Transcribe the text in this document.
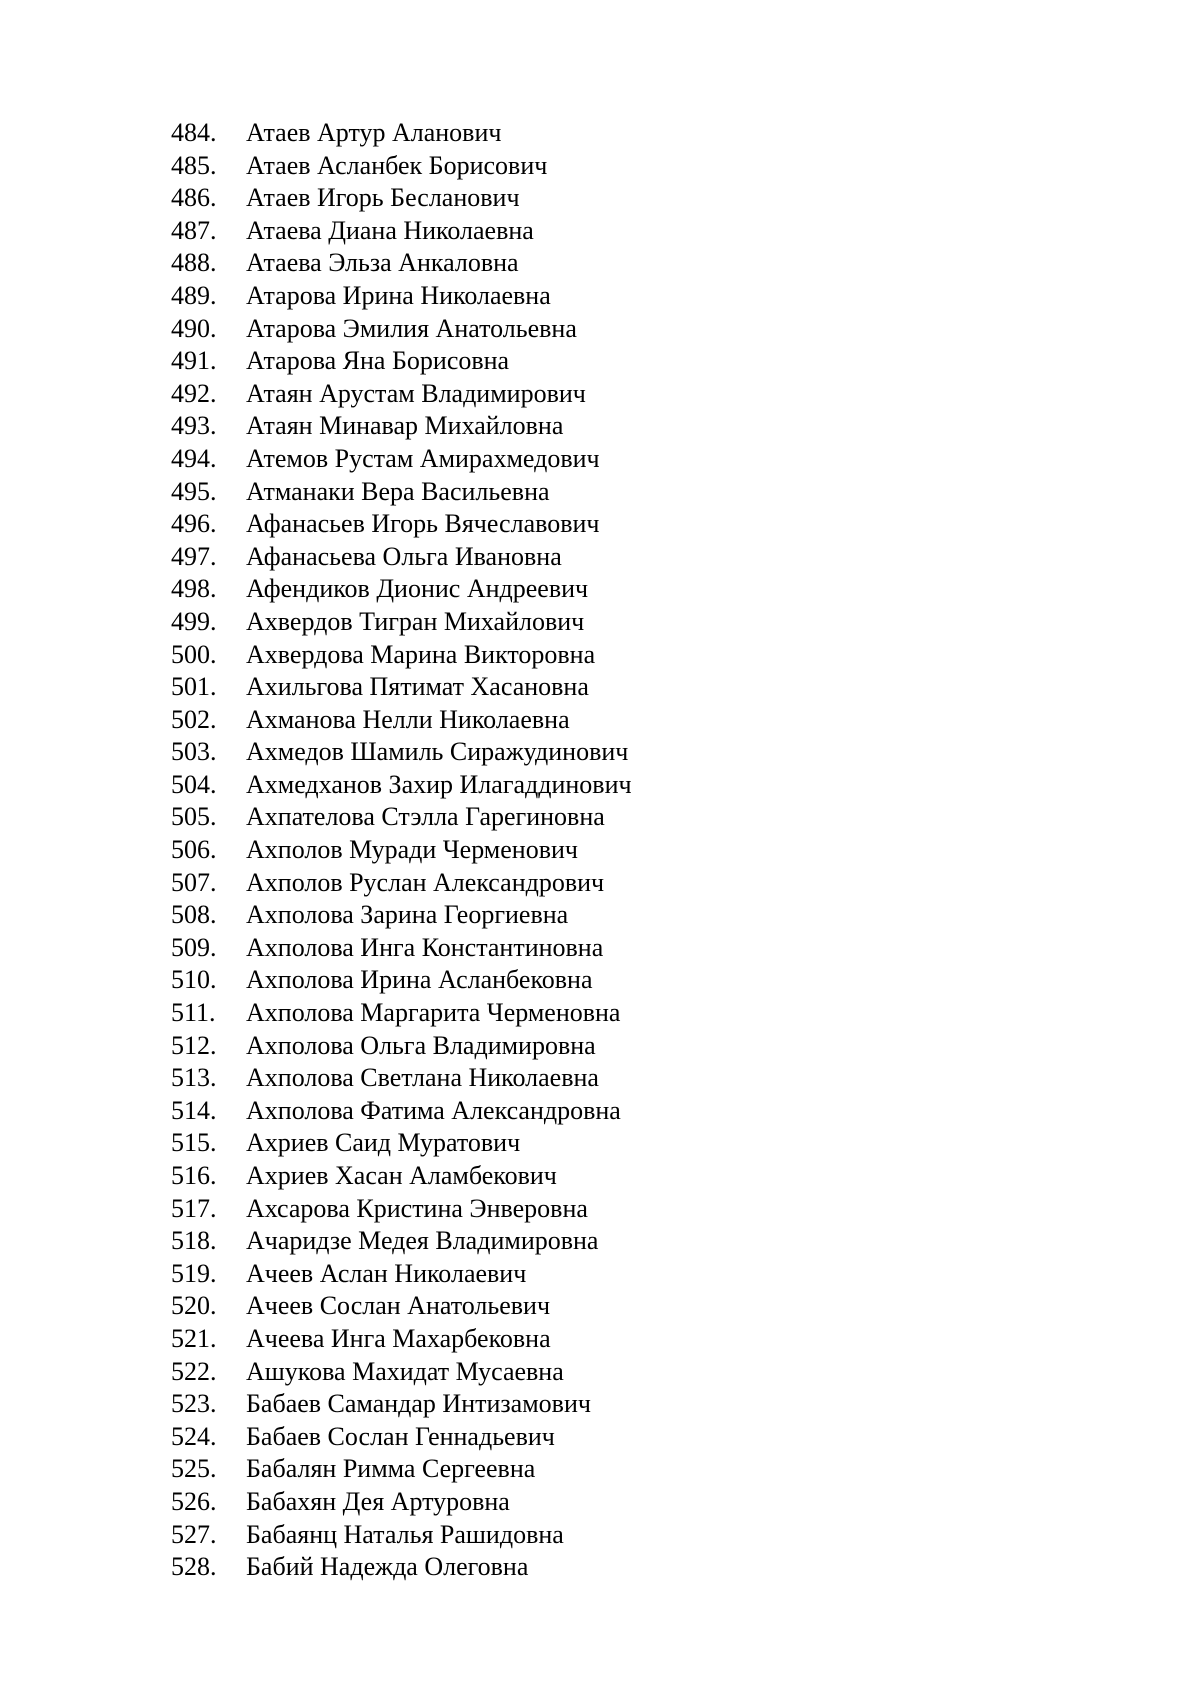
484.	Атаев Артур Аланович
485.	Атаев Асланбек Борисович
486.	Атаев Игорь Бесланович
487.	Атаева Диана Николаевна
488.	Атаева Эльза Анкаловна
489.	Атарова Ирина Николаевна
490.	Атарова Эмилия Анатольевна
491.	Атарова Яна Борисовна
492.	Атаян Арустам Владимирович
493.	Атаян Минавар Михайловна
494.	Атемов Рустам Амирахмедович
495.	Атманаки Вера Васильевна
496.	Афанасьев Игорь Вячеславович
497.	Афанасьева Ольга Ивановна
498.	Афендиков Дионис Андреевич
499.	Ахвердов Тигран Михайлович
500.	Ахвердова Марина Викторовна
501.	Ахильгова Пятимат Хасановна
502.	Ахманова Нелли Николаевна
503.	Ахмедов Шамиль Сиражудинович
504.	Ахмедханов Захир Илагаддинович
505.	Ахпателова Стэлла Гарегиновна
506.	Ахполов Муради Черменович
507.	Ахполов Руслан Александрович
508.	Ахполова Зарина Георгиевна
509.	Ахполова Инга Константиновна
510.	Ахполова Ирина Асланбековна
511.	Ахполова Маргарита Черменовна
512.	Ахполова Ольга Владимировна
513.	Ахполова Светлана Николаевна
514.	Ахполова Фатима Александровна
515.	Ахриев Саид Муратович
516.	Ахриев Хасан Аламбекович
517.	Ахсарова Кристина Энверовна
518.	Ачаридзе Медея Владимировна
519.	Ачеев Аслан Николаевич
520.	Ачеев Сослан Анатольевич
521.	Ачеева Инга Махарбековна
522.	Ашукова Махидат Мусаевна
523.	Бабаев Самандар Интизамович
524.	Бабаев Сослан Геннадьевич
525.	Бабалян Римма Сергеевна
526.	Бабахян Дея Артуровна
527.	Бабаянц Наталья Рашидовна
528.	Бабий Надежда Олеговна
